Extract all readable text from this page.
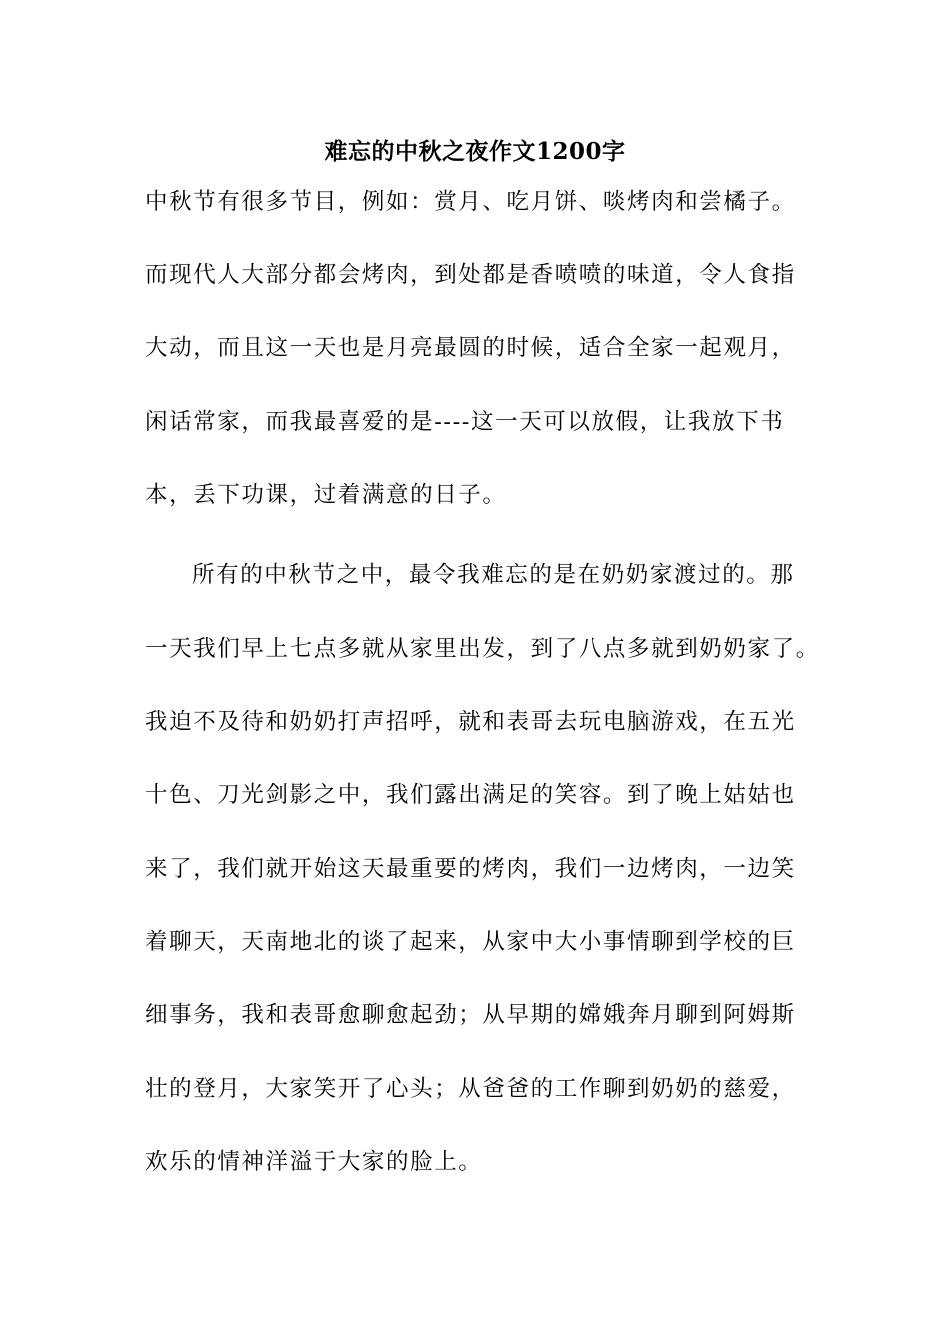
难忘的中秋之夜作文1200字
中秋节有很多节目，例如：赏月、吃月饼、啖烤肉和尝橘子。
而现代人大部分都会烤肉，到处都是香喷喷的味道，令人食指
大动，而且这一天也是月亮最圆的时候，适合全家一起观月，
闲话常家，而我最喜爱的是----这一天可以放假，让我放下书
本，丢下功课，过着满意的日子。
所有的中秋节之中，最令我难忘的是在奶奶家渡过的。那
一天我们早上七点多就从家里出发，到了八点多就到奶奶家了。
我迫不及待和奶奶打声招呼，就和表哥去玩电脑游戏，在五光
十色、刀光剑影之中，我们露出满足的笑容。到了晚上姑姑也
来了，我们就开始这天最重要的烤肉，我们一边烤肉，一边笑
着聊天，天南地北的谈了起来，从家中大小事情聊到学校的巨
细事务，我和表哥愈聊愈起劲；从早期的嫦娥奔月聊到阿姆斯
壮的登月，大家笑开了心头；从爸爸的工作聊到奶奶的慈爱，
欢乐的情神洋溢于大家的脸上。
